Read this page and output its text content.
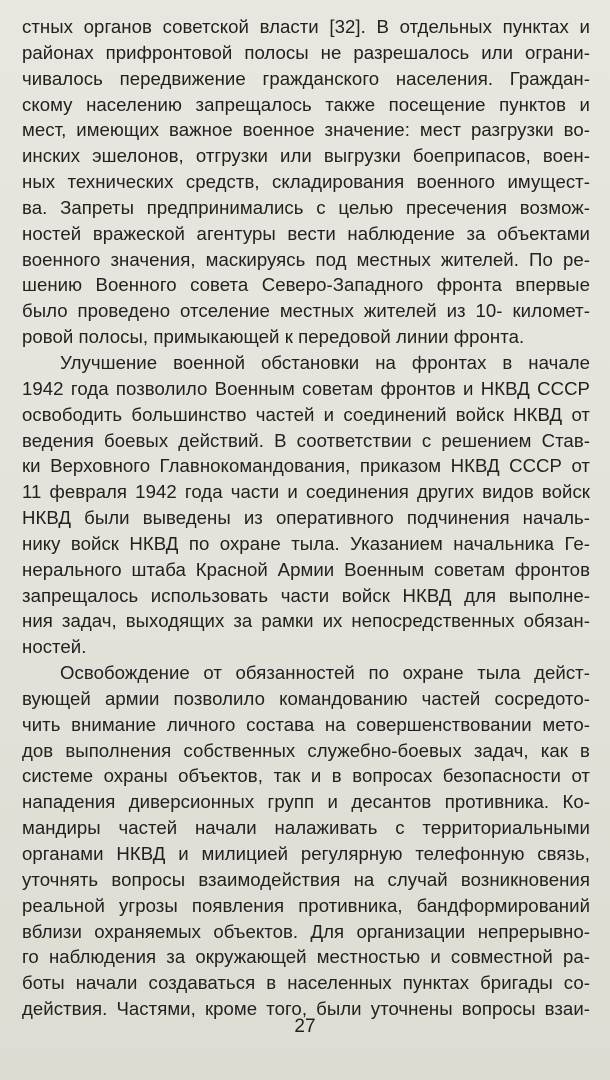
стных органов советской власти [32]. В отдельных пунктах и
районах прифронтовой полосы не разрешалось или ограни-
чивалось передвижение гражданского населения. Граждан-
скому населению запрещалось также посещение пунктов и
мест, имеющих важное военное значение: мест разгрузки во-
инских эшелонов, отгрузки или выгрузки боеприпасов, воен-
ных технических средств, складирования военного имущест-
ва. Запреты предпринимались с целью пресечения возмож-
ностей вражеской агентуры вести наблюдение за объектами
военного значения, маскируясь под местных жителей. По ре-
шению Военного совета Северо-Западного фронта впервые
было проведено отселение местных жителей из 10- километ-
ровой полосы, примыкающей к передовой линии фронта.
Улучшение военной обстановки на фронтах в начале
1942 года позволило Военным советам фронтов и НКВД СССР
освободить большинство частей и соединений войск НКВД от
ведения боевых действий. В соответствии с решением Став-
ки Верховного Главнокомандования, приказом НКВД СССР от
11 февраля 1942 года части и соединения других видов войск
НКВД были выведены из оперативного подчинения началь-
нику войск НКВД по охране тыла. Указанием начальника Ге-
нерального штаба Красной Армии Военным советам фронтов
запрещалось использовать части войск НКВД для выполне-
ния задач, выходящих за рамки их непосредственных обязан-
ностей.
Освобождение от обязанностей по охране тыла дейст-
вующей армии позволило командованию частей сосредото-
чить внимание личного состава на совершенствовании мето-
дов выполнения собственных служебно-боевых задач, как в
системе охраны объектов, так и в вопросах безопасности от
нападения диверсионных групп и десантов противника. Ко-
мандиры частей начали налаживать с территориальными
органами НКВД и милицией регулярную телефонную связь,
уточнять вопросы взаимодействия на случай возникновения
реальной угрозы появления противника, бандформирований
вблизи охраняемых объектов. Для организации непрерывно-
го наблюдения за окружающей местностью и совместной ра-
боты начали создаваться в населенных пунктах бригады со-
действия. Частями, кроме того, были уточнены вопросы взаи-
27
